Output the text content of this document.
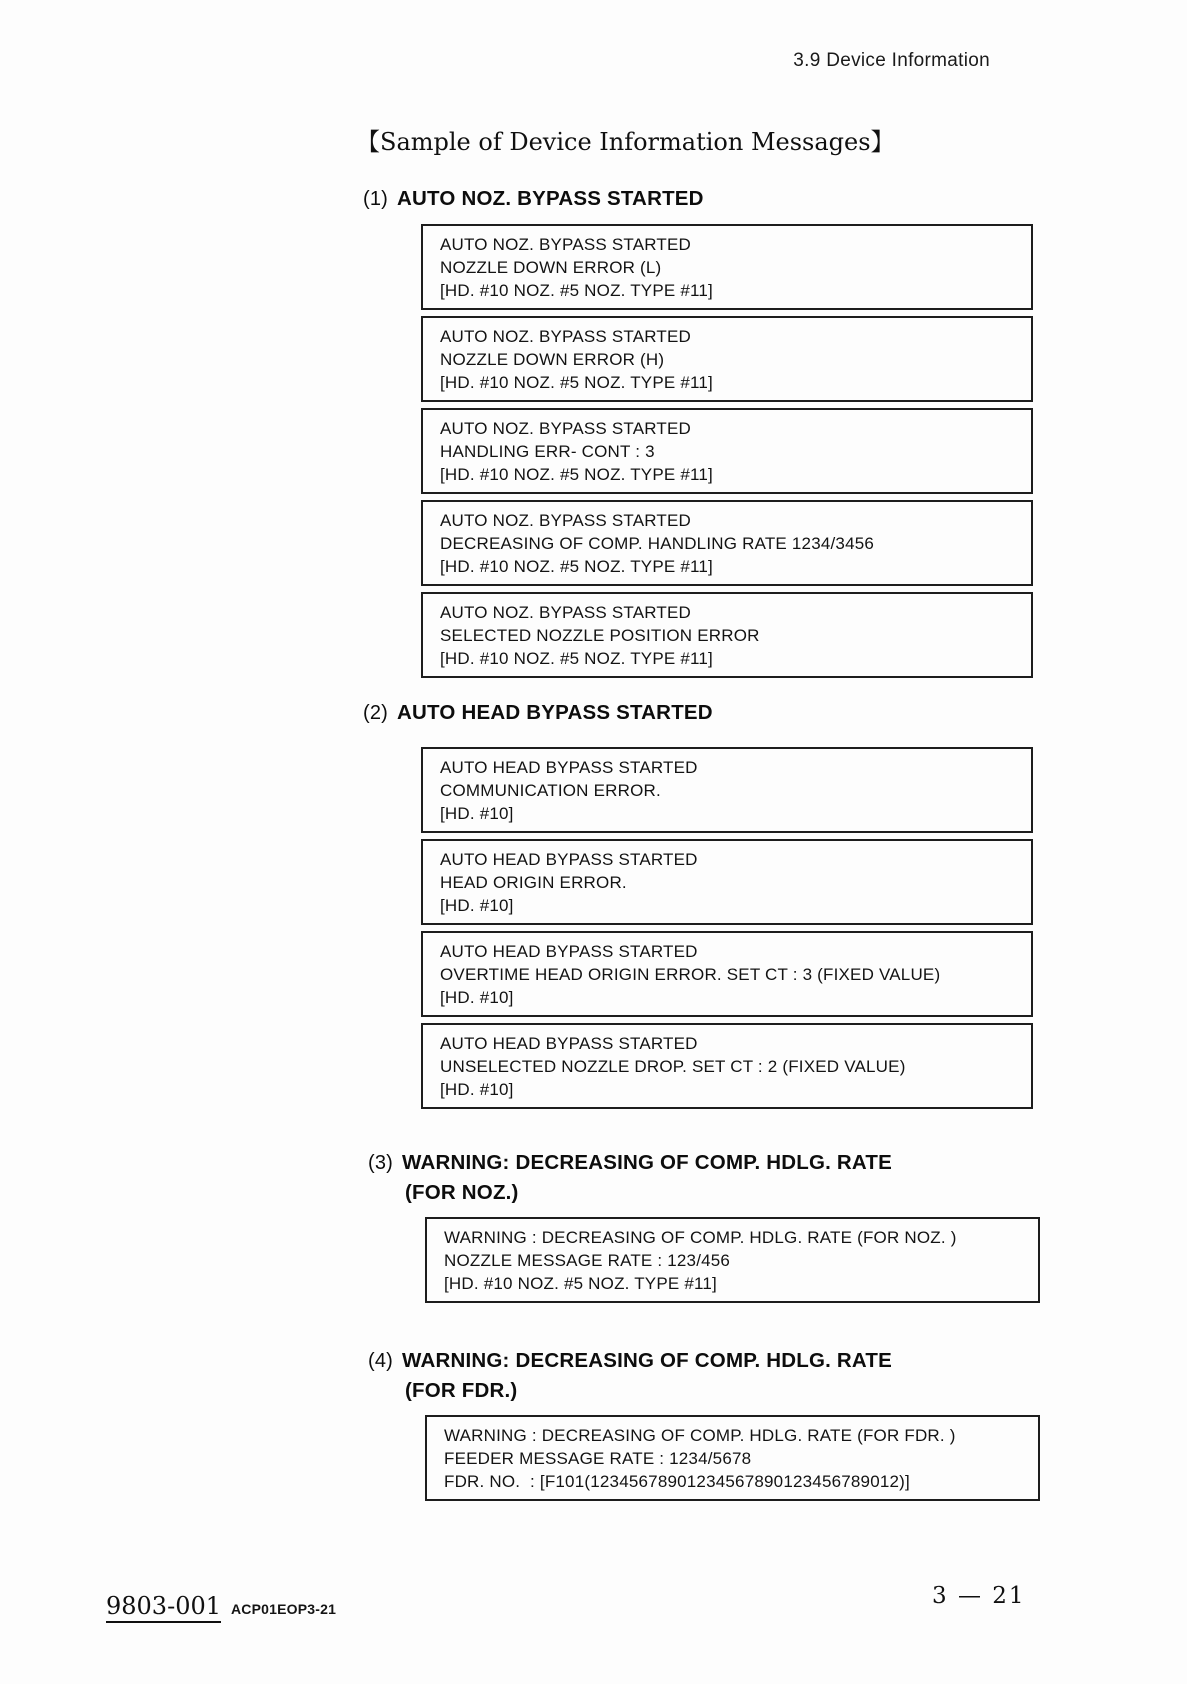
3.9 Device Information
【Sample of Device Information Messages】
(1) AUTO NOZ. BYPASS STARTED
AUTO NOZ. BYPASS STARTED
NOZZLE DOWN ERROR (L)
[HD. #10 NOZ. #5 NOZ. TYPE #11]
AUTO NOZ. BYPASS STARTED
NOZZLE DOWN ERROR (H)
[HD. #10 NOZ. #5 NOZ. TYPE #11]
AUTO NOZ. BYPASS STARTED
HANDLING ERR- CONT : 3
[HD. #10 NOZ. #5 NOZ. TYPE #11]
AUTO NOZ. BYPASS STARTED
DECREASING OF COMP. HANDLING RATE 1234/3456
[HD. #10 NOZ. #5 NOZ. TYPE #11]
AUTO NOZ. BYPASS STARTED
SELECTED NOZZLE POSITION ERROR
[HD. #10 NOZ. #5 NOZ. TYPE #11]
(2) AUTO HEAD BYPASS STARTED
AUTO HEAD BYPASS STARTED
COMMUNICATION ERROR.
[HD. #10]
AUTO HEAD BYPASS STARTED
HEAD ORIGIN ERROR.
[HD. #10]
AUTO HEAD BYPASS STARTED
OVERTIME HEAD ORIGIN ERROR. SET CT : 3 (FIXED VALUE)
[HD. #10]
AUTO HEAD BYPASS STARTED
UNSELECTED NOZZLE DROP. SET CT : 2 (FIXED VALUE)
[HD. #10]
(3) WARNING: DECREASING OF COMP. HDLG. RATE
(FOR NOZ.)
WARNING : DECREASING OF COMP. HDLG. RATE (FOR NOZ. )
NOZZLE MESSAGE RATE : 123/456
[HD. #10 NOZ. #5 NOZ. TYPE #11]
(4) WARNING: DECREASING OF COMP. HDLG. RATE
(FOR FDR.)
WARNING : DECREASING OF COMP. HDLG. RATE (FOR FDR. )
FEEDER MESSAGE RATE : 1234/5678
FDR. NO.  : [F101(12345678901234567890123456789012)]
9803-001 ACP01EOP3-21	3 — 21
